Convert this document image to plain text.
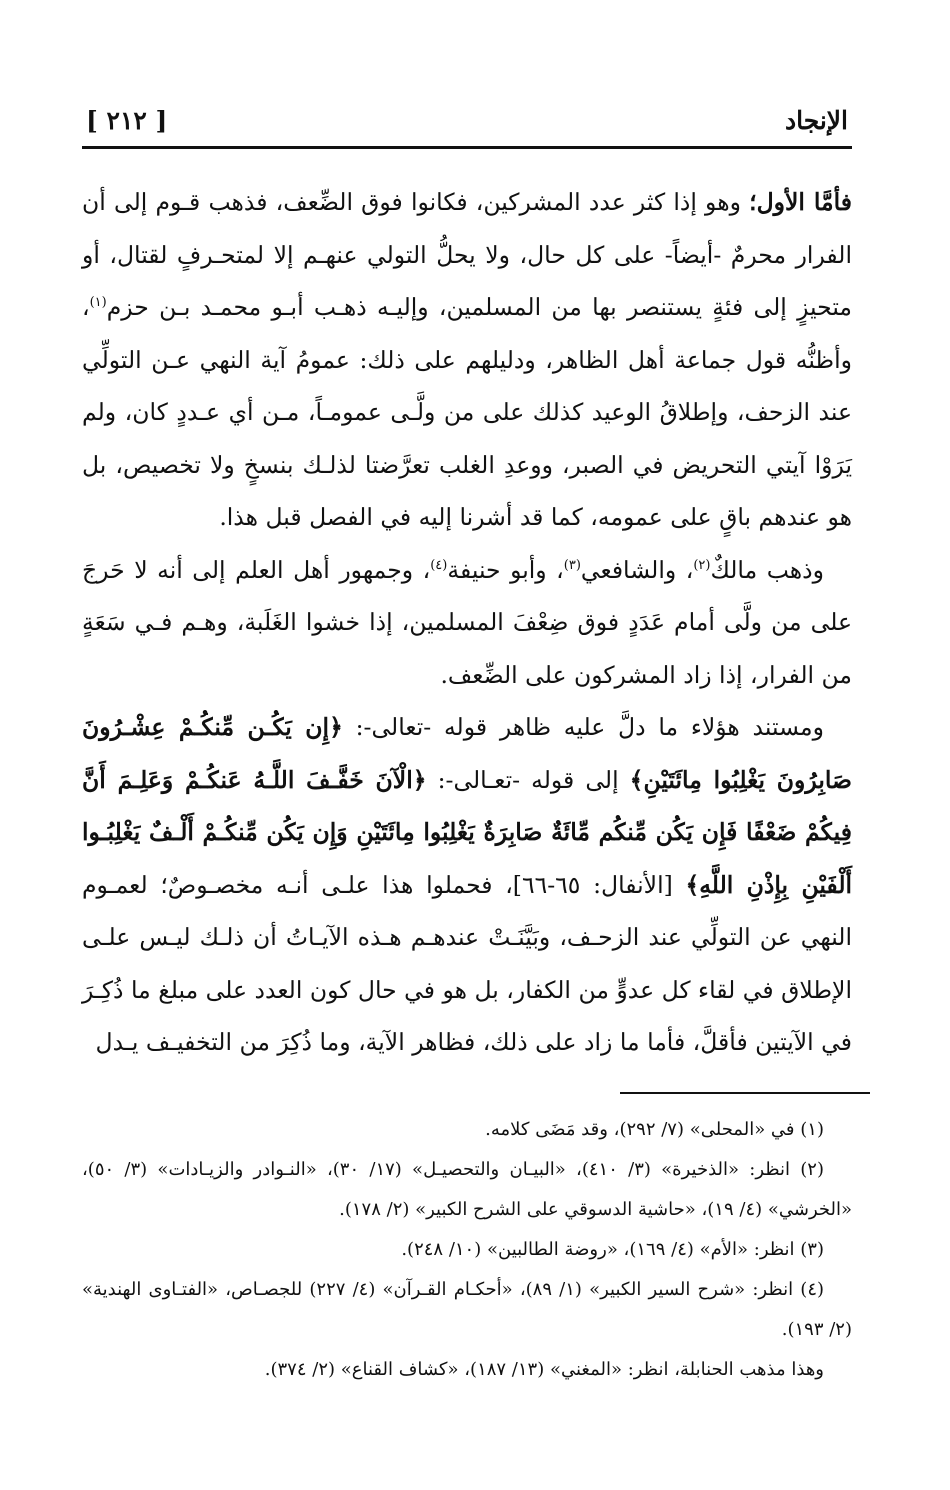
الإنجاد
[ ٢١٢ ]

فأمَّا الأول؛ وهو إذا كثر عدد المشركين، فكانوا فوق الضِّعف، فذهب قـوم إلى أن الفرار محرمٌ -أيضاً- على كل حال، ولا يحلُّ التولي عنهـم إلا لمتحـرفٍ لقتال، أو متحيزٍ إلى فئةٍ يستنصر بها من المسلمين، وإليـه ذهـب أبـو محمـد بـن حزم$^{(١)}$، وأظنُّه قول جماعة أهل الظاهر، ودليلهم على ذلك: عمومُ آية النهي عـن التولِّي عند الزحف، وإطلاقُ الوعيد كذلك على من ولَّـى عمومـاً، مـن أي عـددٍ كان، ولم يَرَوْا آيتي التحريض في الصبر، ووعدِ الغلب تعرَّضتا لذلـك بنسخٍ ولا تخصيص، بل هو عندهم باقٍ على عمومه، كما قد أشرنا إليه في الفصل قبل هذا.

وذهب مالكٌ$^{(٢)}$، والشافعي$^{(٣)}$، وأبو حنيفة$^{(٤)}$، وجمهور أهل العلم إلى أنه لا حَرجَ على من ولَّى أمام عَدَدٍ فوق ضِعْفَ المسلمين، إذا خشوا الغَلَبة، وهـم فـي سَعَةٍ من الفرار، إذا زاد المشركون على الضِّعف.

ومستند هؤلاء ما دلَّ عليه ظاهر قوله -تعالى-: ﴿إِن يَكُـن مِّنكُـمْ عِشْـرُونَ صَابِرُونَ يَغْلِبُوا مِائَتَيْنِ﴾ إلى قوله -تعـالى-: ﴿الْآنَ خَفَّـفَ اللَّـهُ عَنكُـمْ وَعَلِـمَ أَنَّ فِيكُمْ ضَعْفًا فَإِن يَكُن مِّنكُم مِّائَةٌ صَابِرَةٌ يَغْلِبُوا مِائَتَيْنِ وَإِن يَكُن مِّنكُـمْ أَلْـفٌ يَغْلِبُـوا أَلْفَيْنِ بِإِذْنِ اللَّهِ﴾ [الأنفال: ٦٥-٦٦]، فحملوا هذا علـى أنـه مخصـوصٌ؛ لعمـوم النهي عن التولِّي عند الزحـف، وبَيَّنَـتْ عندهـم هـذه الآيـاتُ أن ذلـك ليـس علـى الإطلاق في لقاء كل عدوٍّ من الكفار، بل هو في حال كون العدد على مبلغ ما ذُكِـرَ في الآيتين فأقلَّ، فأما ما زاد على ذلك، فظاهر الآية، وما ذُكِرَ من التخفيـف يـدل

(١) في «المحلى» (٧/ ٢٩٢)، وقد مَضَى كلامه.

(٢) انظر: «الذخيرة» (٣/ ٤١٠)، «البيـان والتحصيـل» (١٧/ ٣٠)، «النـوادر والزيـادات» (٣/ ٥٠)، «الخرشي» (٤/ ١٩)، «حاشية الدسوقي على الشرح الكبير» (٢/ ١٧٨).

(٣) انظر: «الأم» (٤/ ١٦٩)، «روضة الطالبين» (١٠/ ٢٤٨).

(٤) انظر: «شرح السير الكبير» (١/ ٨٩)، «أحكـام القـرآن» (٤/ ٢٢٧) للجصـاص، «الفتـاوى الهندية» (٢/ ١٩٣).

وهذا مذهب الحنابلة، انظر: «المغني» (١٣/ ١٨٧)، «كشاف القناع» (٢/ ٣٧٤).
